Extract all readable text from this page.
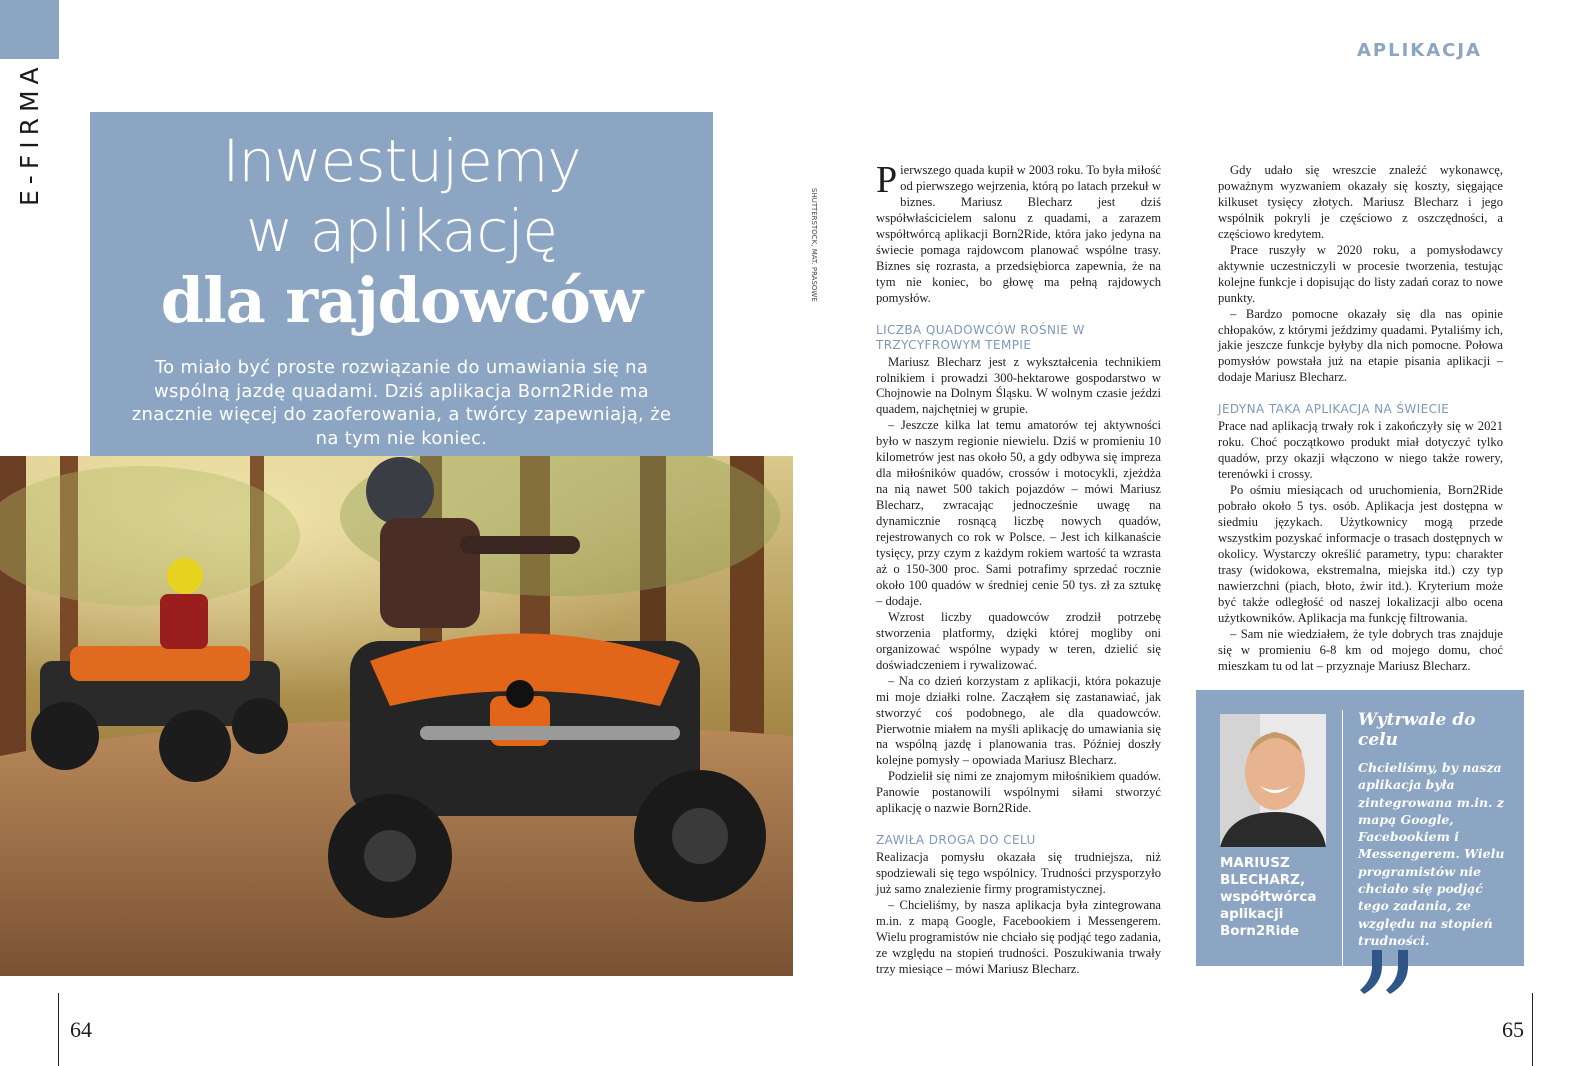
E-FIRMA
APLIKACJA
Inwestujemy
w aplikację
dla rajdowców
To miało być proste rozwiązanie do umawiania się na wspólną jazdę quadami. Dziś aplikacja Born2Ride ma znacznie więcej do zaoferowania, a twórcy zapewniają, że na tym nie koniec.
SHUTTERSTOCK, MAT. PRASOWE

Pierwszego quada kupił w 2003 roku. To była miłość od pierwszego wejrzenia, którą po latach przekuł w biznes. Mariusz Blecharz jest dziś współwłaścicielem salonu z quadami, a zarazem współtwórcą aplikacji Born2Ride, która jako jedyna na świecie pomaga rajdowcom planować wspólne trasy. Biznes się rozrasta, a przedsiębiorca zapewnia, że na tym nie koniec, bo głowę ma pełną rajdowych pomysłów.

LICZBA QUADOWCÓW ROŚNIE W TRZYCYFROWYM TEMPIE

Mariusz Blecharz jest z wykształcenia technikiem rolnikiem i prowadzi 300-hektarowe gospodarstwo w Chojnowie na Dolnym Śląsku. W wolnym czasie jeździ quadem, najchętniej w grupie.

– Jeszcze kilka lat temu amatorów tej aktywności było w naszym regionie niewielu. Dziś w promieniu 10 kilometrów jest nas około 50, a gdy odbywa się impreza dla miłośników quadów, crossów i motocykli, zjeżdża na nią nawet 500 takich pojazdów – mówi Mariusz Blecharz, zwracając jednocześnie uwagę na dynamicznie rosnącą liczbę nowych quadów, rejestrowanych co rok w Polsce. – Jest ich kilkanaście tysięcy, przy czym z każdym rokiem wartość ta wzrasta aż o 150-300 proc. Sami potrafimy sprzedać rocznie około 100 quadów w średniej cenie 50 tys. zł za sztukę – dodaje.

Wzrost liczby quadowców zrodził potrzebę stworzenia platformy, dzięki której mogliby oni organizować wspólne wypady w teren, dzielić się doświadczeniem i rywalizować.

– Na co dzień korzystam z aplikacji, która pokazuje mi moje działki rolne. Zacząłem się zastanawiać, jak stworzyć coś podobnego, ale dla quadowców. Pierwotnie miałem na myśli aplikację do umawiania się na wspólną jazdę i planowania tras. Później doszły kolejne pomysły – opowiada Mariusz Blecharz.

Podzielił się nimi ze znajomym miłośnikiem quadów. Panowie postanowili wspólnymi siłami stworzyć aplikację o nazwie Born2Ride.

ZAWIŁA DROGA DO CELU

Realizacja pomysłu okazała się trudniejsza, niż spodziewali się tego wspólnicy. Trudności przysporzyło już samo znalezienie firmy programistycznej.

– Chcieliśmy, by nasza aplikacja była zintegrowana m.in. z mapą Google, Facebookiem i Messengerem. Wielu programistów nie chciało się podjąć tego zadania, ze względu na stopień trudności. Poszukiwania trwały trzy miesiące – mówi Mariusz Blecharz.

Gdy udało się wreszcie znaleźć wykonawcę, poważnym wyzwaniem okazały się koszty, sięgające kilkuset tysięcy złotych. Mariusz Blecharz i jego wspólnik pokryli je częściowo z oszczędności, a częściowo kredytem.

Prace ruszyły w 2020 roku, a pomysłodawcy aktywnie uczestniczyli w procesie tworzenia, testując kolejne funkcje i dopisując do listy zadań coraz to nowe punkty.

– Bardzo pomocne okazały się dla nas opinie chłopaków, z którymi jeździmy quadami. Pytaliśmy ich, jakie jeszcze funkcje byłyby dla nich pomocne. Połowa pomysłów powstała już na etapie pisania aplikacji – dodaje Mariusz Blecharz.

JEDYNA TAKA APLIKACJA NA ŚWIECIE

Prace nad aplikacją trwały rok i zakończyły się w 2021 roku. Choć początkowo produkt miał dotyczyć tylko quadów, przy okazji włączono w niego także rowery, terenówki i crossy.

Po ośmiu miesiącach od uruchomienia, Born2Ride pobrało około 5 tys. osób. Aplikacja jest dostępna w siedmiu językach. Użytkownicy mogą przede wszystkim pozyskać informacje o trasach dostępnych w okolicy. Wystarczy określić parametry, typu: charakter trasy (widokowa, ekstremalna, miejska itd.) czy typ nawierzchni (piach, błoto, żwir itd.). Kryterium może być także odległość od naszej lokalizacji albo ocena użytkowników. Aplikacja ma funkcję filtrowania.

– Sam nie wiedziałem, że tyle dobrych tras znajduje się w promieniu 6-8 km od mojego domu, choć mieszkam tu od lat – przyznaje Mariusz Blecharz.

MARIUSZ BLECHARZ,
współtwórca aplikacji Born2Ride
Wytrwale do celu
Chcieliśmy, by nasza aplikacja była zintegrowana m.in. z mapą Google, Facebookiem i Messengerem. Wielu programistów nie chciało się podjąć tego zadania, ze względu na stopień trudności.
64	65
